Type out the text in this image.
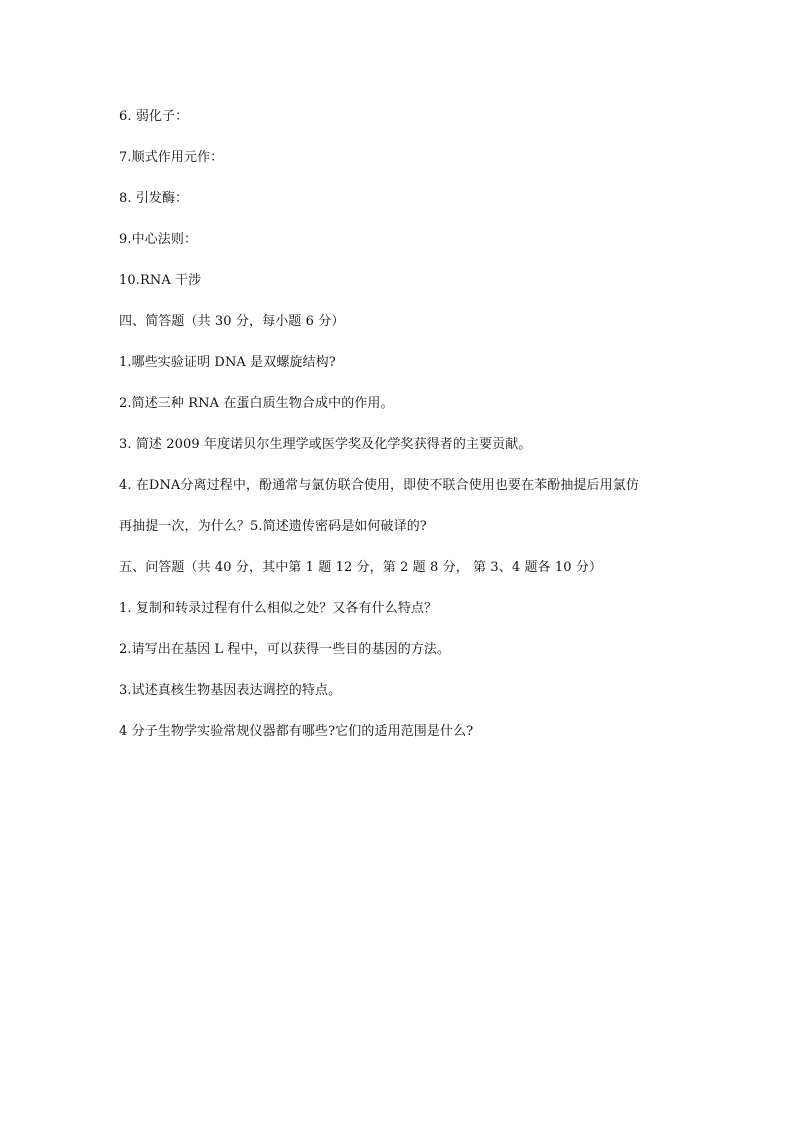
6. 弱化子：
7.顺式作用元作：
8. 引发酶：
9.中心法则：
10.RNA 干涉
四、简答题（共 30 分，每小题 6 分）
1.哪些实验证明 DNA 是双螺旋结构?
2.简述三种 RNA 在蛋白质生物合成中的作用。
3. 简述 2009 年度诺贝尔生理学或医学奖及化学奖获得者的主要贡献。
4. 在DNA分离过程中，酚通常与氯仿联合使用，即使不联合使用也要在苯酚抽提后用氯仿
再抽提一次，为什么？5.简述遗传密码是如何破译的?
五、问答题（共 40 分，其中第 1 题 12 分，第 2 题 8 分， 第 3、4 题各 10 分）
1. 复制和转录过程有什么相似之处？又各有什么特点？
2.请写出在基因 L 程中，可以获得一些目的基因的方法。
3.试述真核生物基因表达调控的特点。
4 分子生物学实验常规仪器都有哪些?它们的适用范围是什么?
